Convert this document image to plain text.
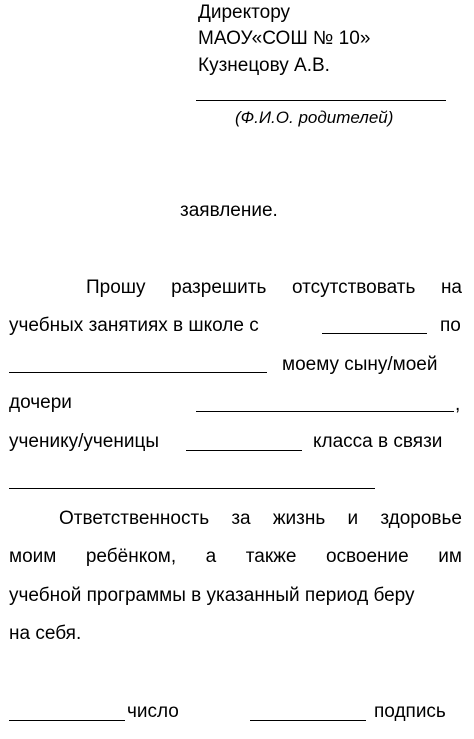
Директору
МАОУ«СОШ № 10»
Кузнецову А.В.
(Ф.И.О. родителей)
заявление.
Прошу разрешить отсутствовать на
учебных занятиях в школе с	по
моему сыну/моей
дочери	,
ученику/ученицы	класса в связи
Ответственность за жизнь и здоровье
моим ребёнком, а также освоение им
учебной программы в указанный период беру
на себя.
число	подпись
